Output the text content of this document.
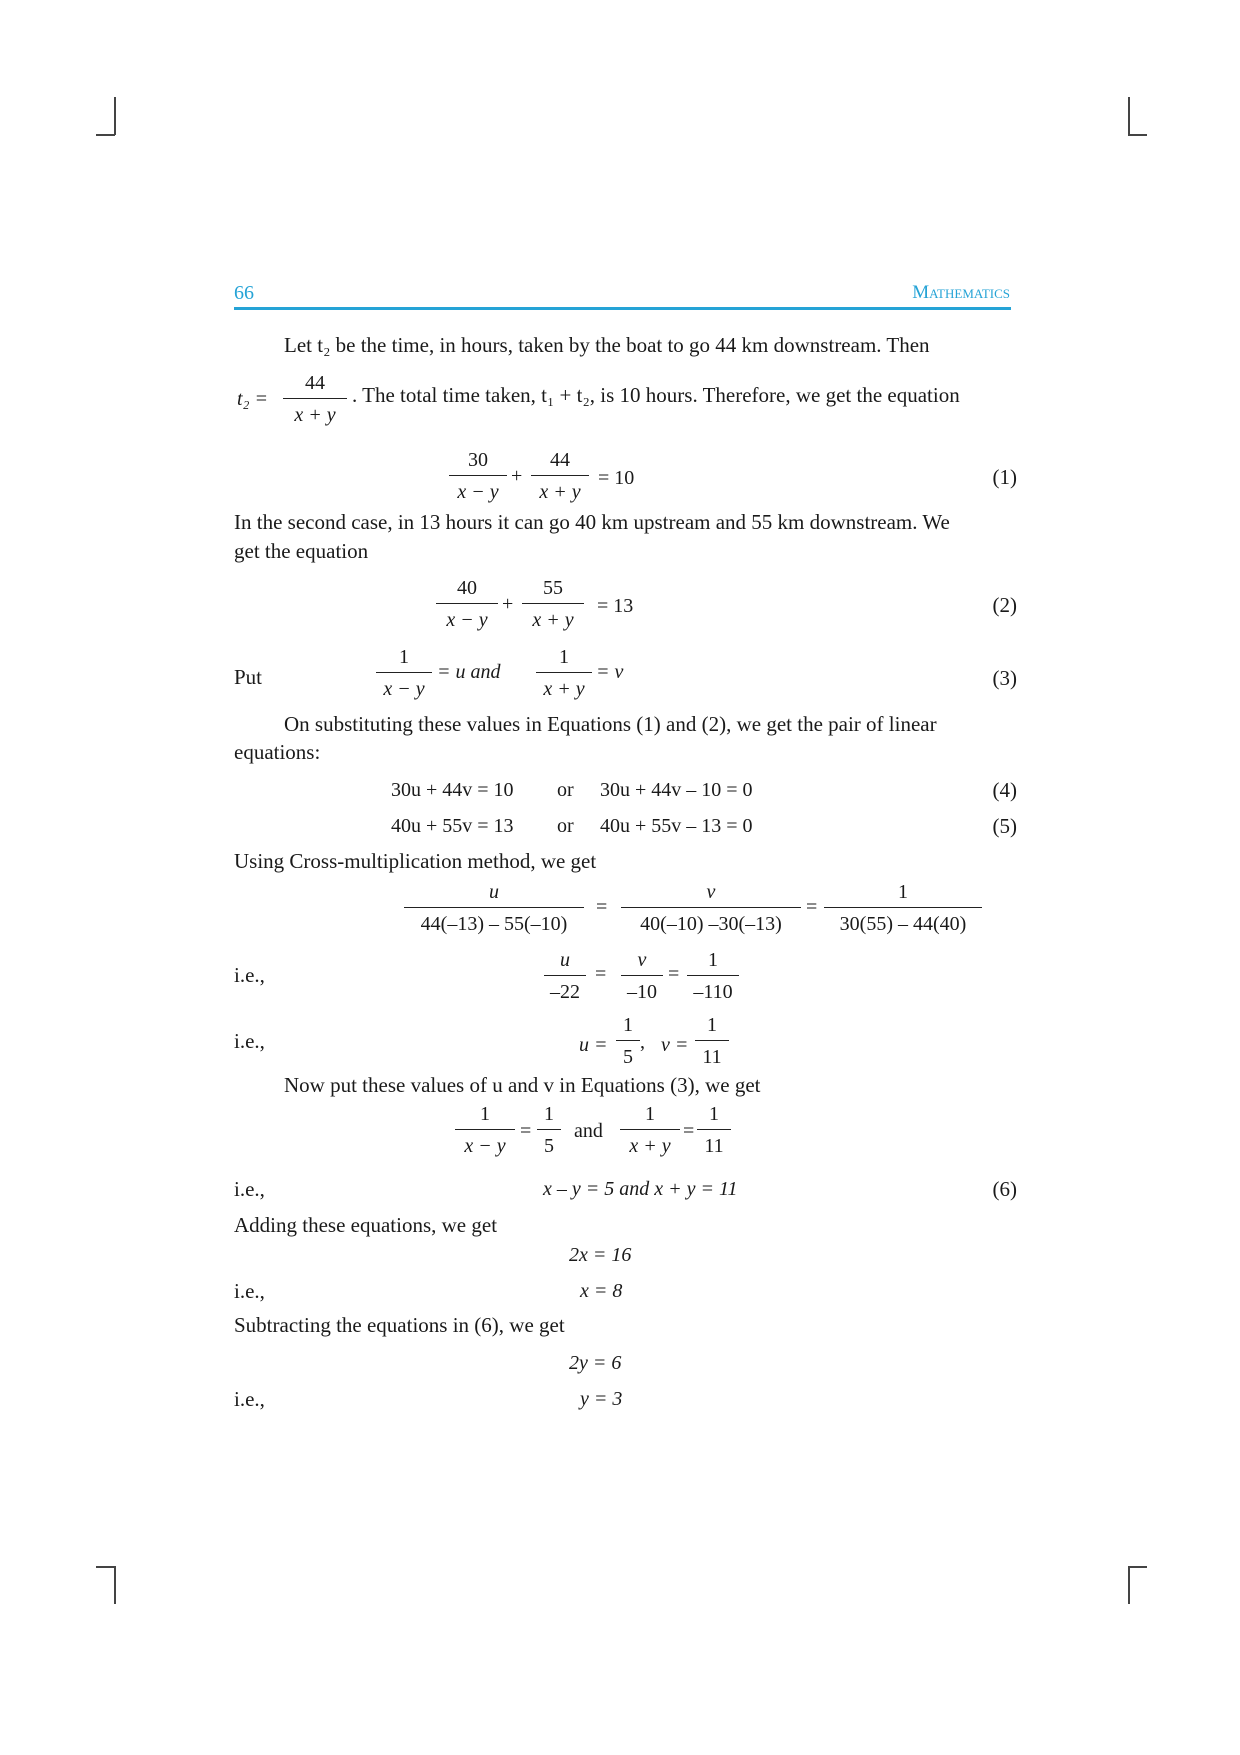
66	Mathematics
Let t₂ be the time, in hours, taken by the boat to go 44 km downstream. Then
t₂ =
44
x + y
. The total time taken, t₁ + t₂, is 10 hours. Therefore, we get the equation
30
x − y
+
44
x + y
= 10	(1)
In the second case, in 13 hours it can go 40 km upstream and 55 km downstream. We
get the equation
40
x − y
+
55
x + y
= 13	(2)
Put
1
x − y
= u and
1
x + y
= v	(3)
On substituting these values in Equations (1) and (2), we get the pair of linear
equations:
30u + 44v = 10 or 30u + 44v – 10 = 0	(4)
40u + 55v = 13 or 40u + 55v – 13 = 0	(5)
Using Cross-multiplication method, we get
u
44(–13) – 55(–10)
=
v
40(–10) –30(–13)
=
1
30(55) – 44(40)
i.e.,
u
–22
=
v
–10
=
1
–110
i.e.,	u =
1
5
, v =
1
11
Now put these values of u and v in Equations (3), we get
1
x − y
=
1
5
and
1
x + y
=
1
11
i.e.,	x – y = 5 and x + y = 11	(6)
Adding these equations, we get
2x = 16
i.e.,	x = 8
Subtracting the equations in (6), we get
2y = 6
i.e.,	y = 3
